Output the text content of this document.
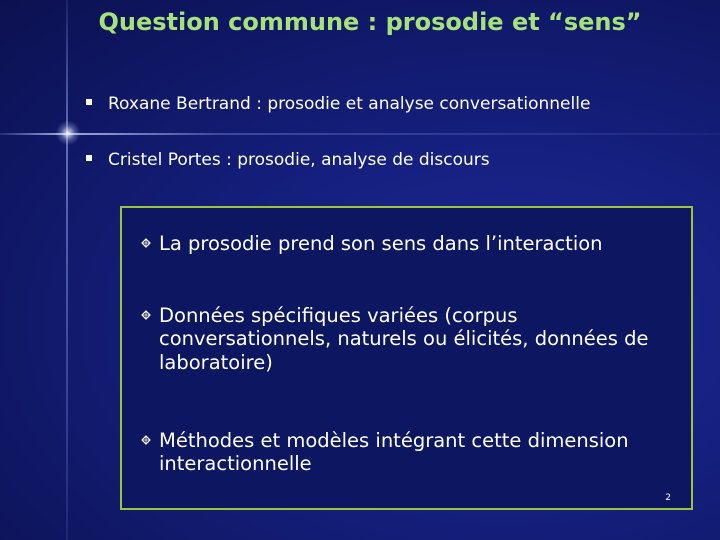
Question commune : prosodie et “sens”
Roxane Bertrand : prosodie et analyse conversationnelle
Cristel Portes : prosodie, analyse de discours
La prosodie prend son sens dans l’interaction
Données spécifiques variées (corpus conversationnels, naturels ou élicités, données de laboratoire)
Méthodes et modèles intégrant cette dimension interactionnelle
2
